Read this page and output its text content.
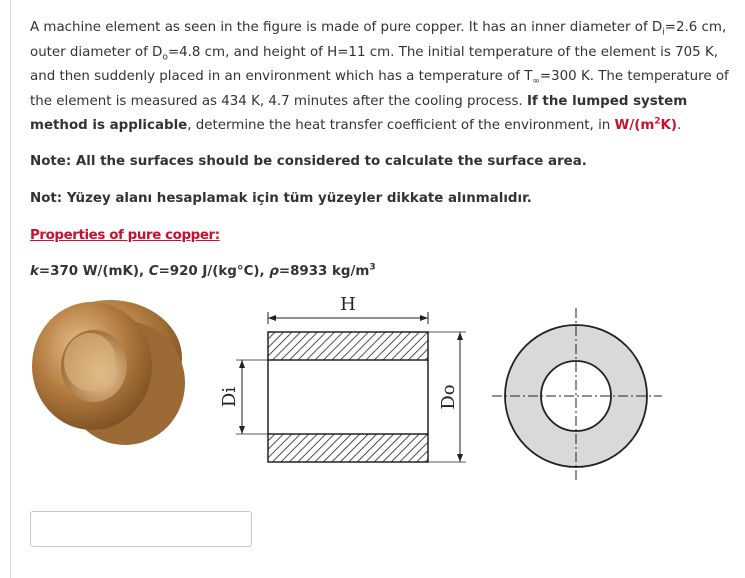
A machine element as seen in the figure is made of pure copper. It has an inner diameter of $D_i=2.6$ cm, outer diameter of $D_o=4.8$ cm, and height of H=11 cm. The initial temperature of the element is 705 K, and then suddenly placed in an environment which has a temperature of $T_\infty=300$ K. The temperature of the element is measured as 434 K, 4.7 minutes after the cooling process. If the lumped system method is applicable, determine the heat transfer coefficient of the environment, in $W/(m^2K)$.

Note: All the surfaces should be considered to calculate the surface area.

Not: Yüzey alanı hesaplamak için tüm yüzeyler dikkate alınmalıdır.

Properties of pure copper:
k=370 W/(mK), C=920 J/(kg°C), ρ=8933 $kg/m^3$
H
Di	Do
